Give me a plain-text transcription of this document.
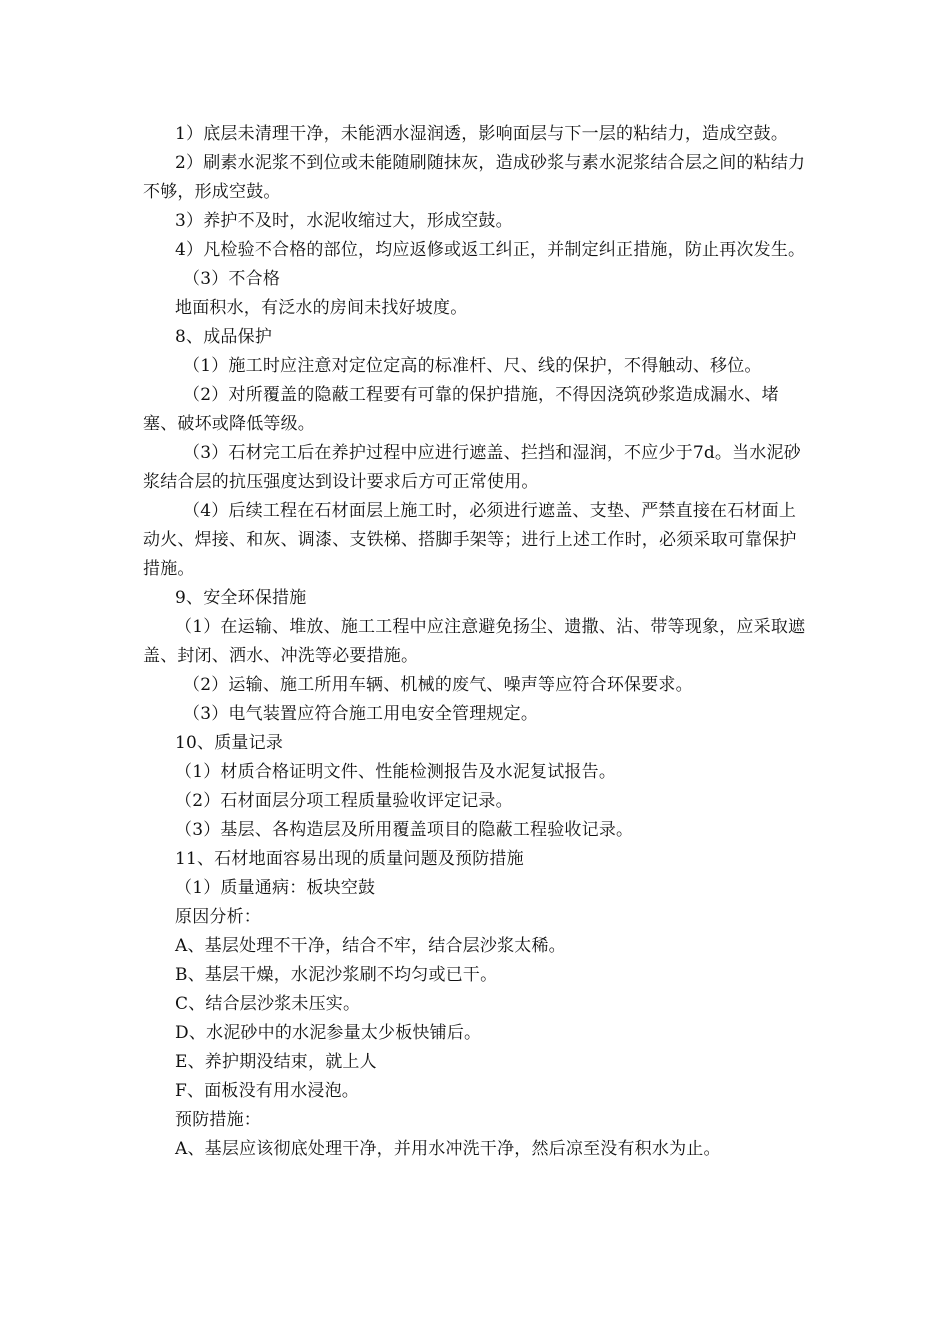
1）底层未清理干净，未能洒水湿润透，影响面层与下一层的粘结力，造成空鼓。

2）刷素水泥浆不到位或未能随刷随抹灰，造成砂浆与素水泥浆结合层之间的粘结力不够，形成空鼓。

3）养护不及时，水泥收缩过大，形成空鼓。

4）凡检验不合格的部位，均应返修或返工纠正，并制定纠正措施，防止再次发生。

（3）不合格

地面积水，有泛水的房间未找好坡度。

8、成品保护

（1）施工时应注意对定位定高的标准杆、尺、线的保护，不得触动、移位。

（2）对所覆盖的隐蔽工程要有可靠的保护措施，不得因浇筑砂浆造成漏水、堵塞、破坏或降低等级。

（3）石材完工后在养护过程中应进行遮盖、拦挡和湿润，不应少于7d。当水泥砂浆结合层的抗压强度达到设计要求后方可正常使用。

（4）后续工程在石材面层上施工时，必须进行遮盖、支垫、严禁直接在石材面上动火、焊接、和灰、调漆、支铁梯、搭脚手架等；进行上述工作时，必须采取可靠保护措施。

9、安全环保措施

（1）在运输、堆放、施工工程中应注意避免扬尘、遗撒、沾、带等现象，应采取遮盖、封闭、洒水、冲洗等必要措施。

（2）运输、施工所用车辆、机械的废气、噪声等应符合环保要求。

（3）电气装置应符合施工用电安全管理规定。

10、质量记录

（1）材质合格证明文件、性能检测报告及水泥复试报告。

（2）石材面层分项工程质量验收评定记录。

（3）基层、各构造层及所用覆盖项目的隐蔽工程验收记录。

11、石材地面容易出现的质量问题及预防措施

（1）质量通病：板块空鼓

原因分析：

A、基层处理不干净，结合不牢，结合层沙浆太稀。

B、基层干燥，水泥沙浆刷不均匀或已干。

C、结合层沙浆未压实。

D、水泥砂中的水泥参量太少板快铺后。

E、养护期没结束，就上人

F、面板没有用水浸泡。

预防措施：

A、基层应该彻底处理干净，并用水冲洗干净，然后凉至没有积水为止。
